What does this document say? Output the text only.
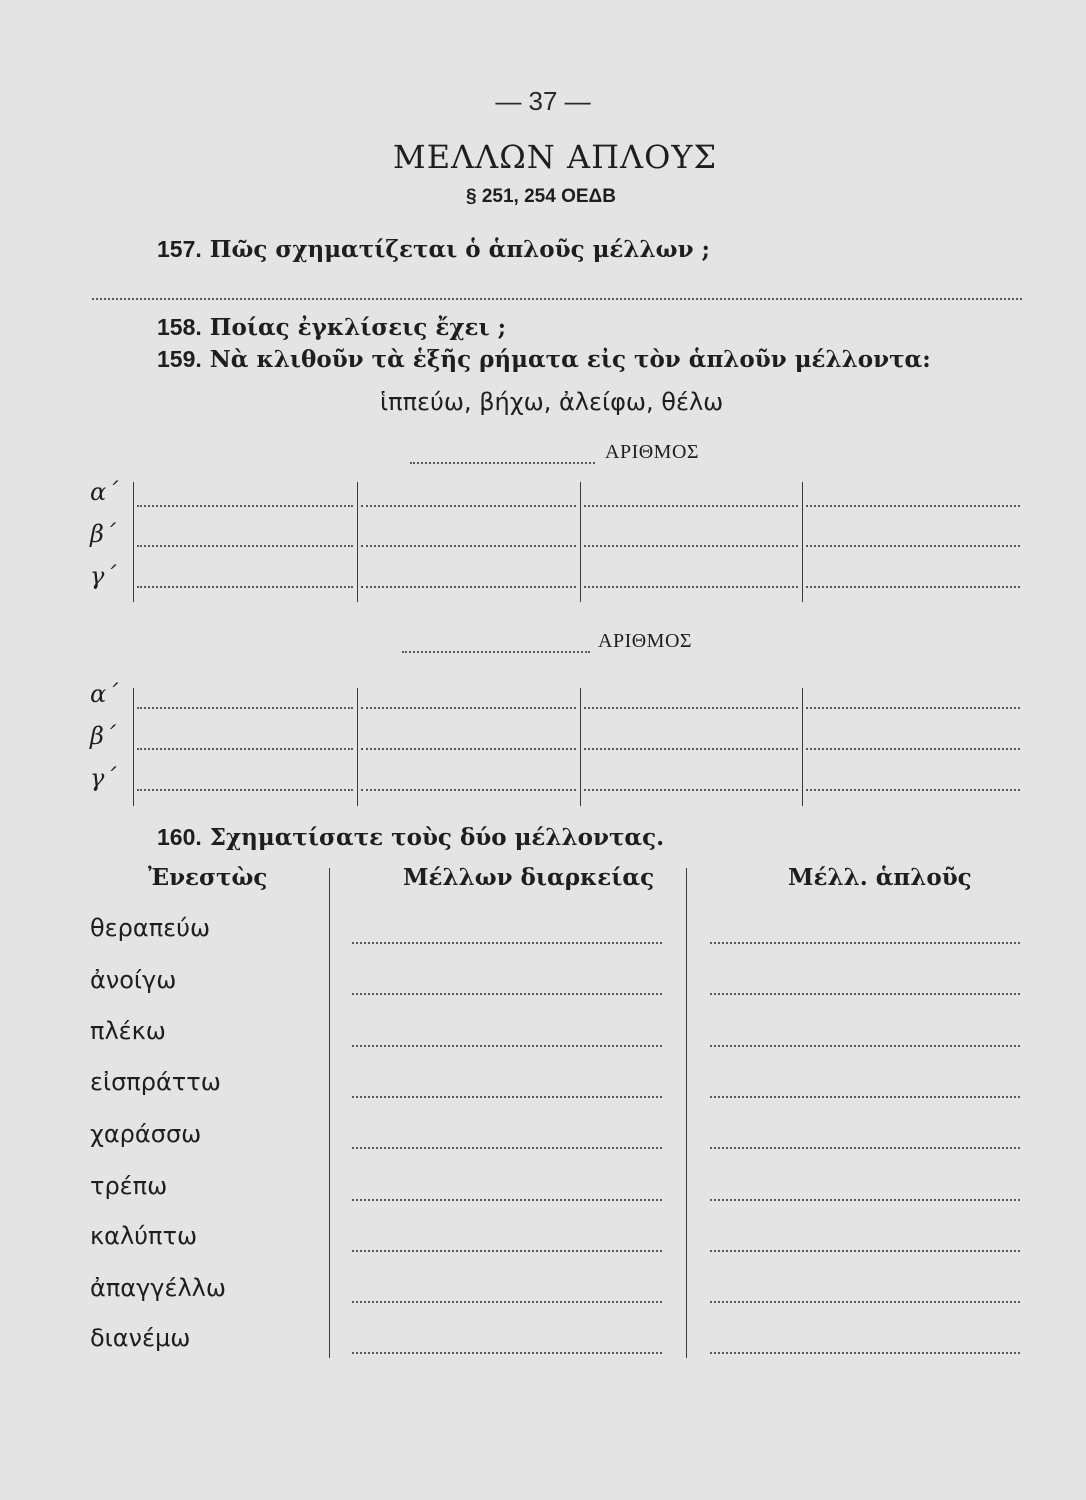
— 37 —
ΜΕΛΛΩΝ ΑΠΛΟΥΣ
§ 251, 254 ΟΕΔΒ
157. Πῶς σχηματίζεται ὁ ἁπλοῦς μέλλων ;
158. Ποίας ἐγκλίσεις ἔχει ;
159. Νὰ κλιθοῦν τὰ ἑξῆς ρήματα εἰς τὸν ἁπλοῦν μέλλοντα:
ἱππεύω, βήχω, ἀλείφω, θέλω
ΑΡΙΘΜΟΣ
α΄
β΄
γ΄
ΑΡΙΘΜΟΣ
α΄
β΄
γ΄
160. Σχηματίσατε τοὺς δύο μέλλοντας.
Ἐνεστὼς	Μέλλων διαρκείας	Μέλλ. ἁπλοῦς
θεραπεύω
ἀνοίγω
πλέκω
εἰσπράττω
χαράσσω
τρέπω
καλύπτω
ἀπαγγέλλω
διανέμω
